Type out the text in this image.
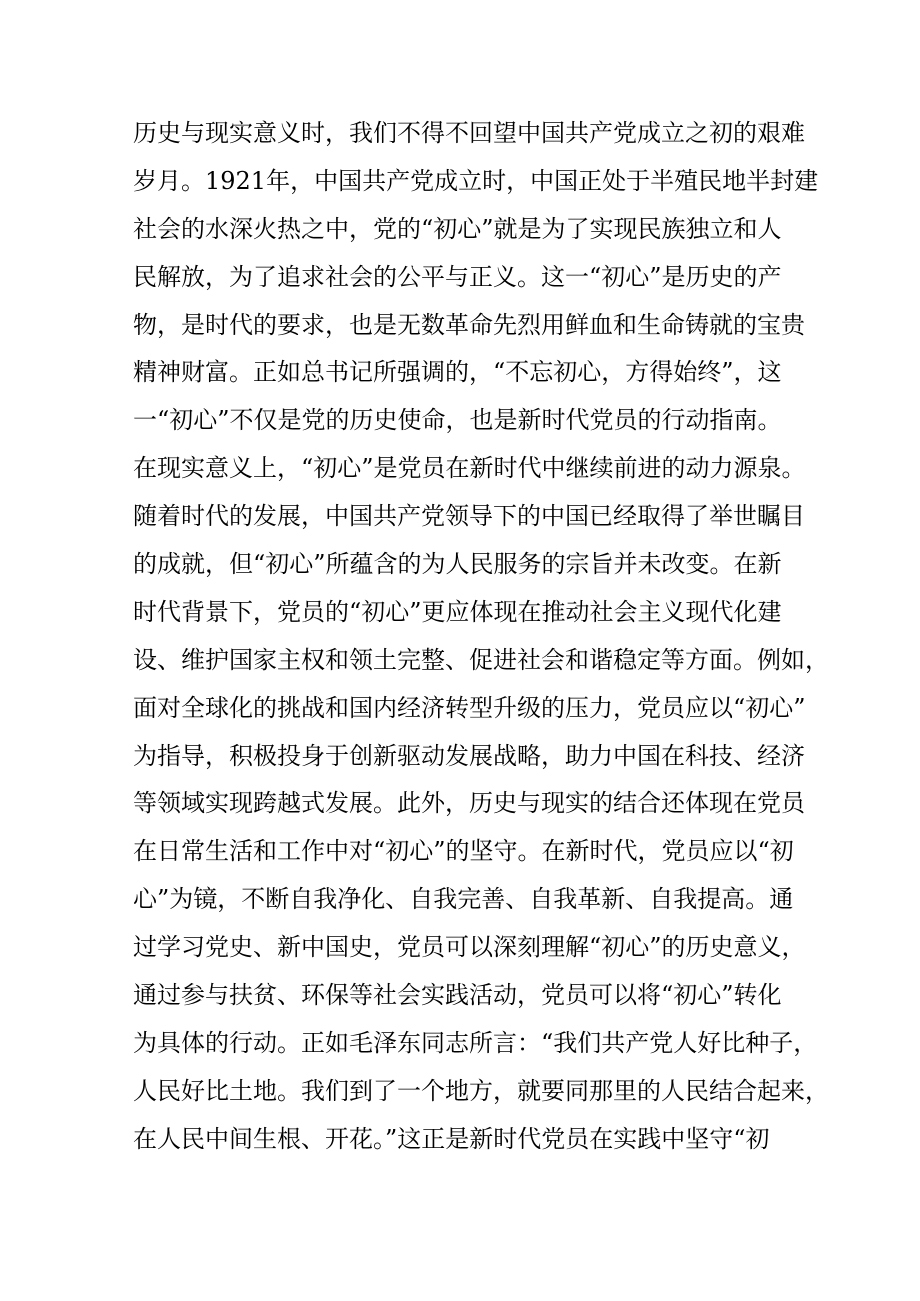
历史与现实意义时，我们不得不回望中国共产党成立之初的艰难
岁月。1921年，中国共产党成立时，中国正处于半殖民地半封建
社会的水深火热之中，党的“初心”就是为了实现民族独立和人
民解放，为了追求社会的公平与正义。这一“初心”是历史的产
物，是时代的要求，也是无数革命先烈用鲜血和生命铸就的宝贵
精神财富。正如总书记所强调的，“不忘初心，方得始终”，这
一“初心”不仅是党的历史使命，也是新时代党员的行动指南。
在现实意义上，“初心”是党员在新时代中继续前进的动力源泉。
随着时代的发展，中国共产党领导下的中国已经取得了举世瞩目
的成就，但“初心”所蕴含的为人民服务的宗旨并未改变。在新
时代背景下，党员的“初心”更应体现在推动社会主义现代化建
设、维护国家主权和领土完整、促进社会和谐稳定等方面。例如，
面对全球化的挑战和国内经济转型升级的压力，党员应以“初心”
为指导，积极投身于创新驱动发展战略，助力中国在科技、经济
等领域实现跨越式发展。此外，历史与现实的结合还体现在党员
在日常生活和工作中对“初心”的坚守。在新时代，党员应以“初
心”为镜，不断自我净化、自我完善、自我革新、自我提高。通
过学习党史、新中国史，党员可以深刻理解“初心”的历史意义，
通过参与扶贫、环保等社会实践活动，党员可以将“初心”转化
为具体的行动。正如毛泽东同志所言：“我们共产党人好比种子，
人民好比土地。我们到了一个地方，就要同那里的人民结合起来，
在人民中间生根、开花。”这正是新时代党员在实践中坚守“初
